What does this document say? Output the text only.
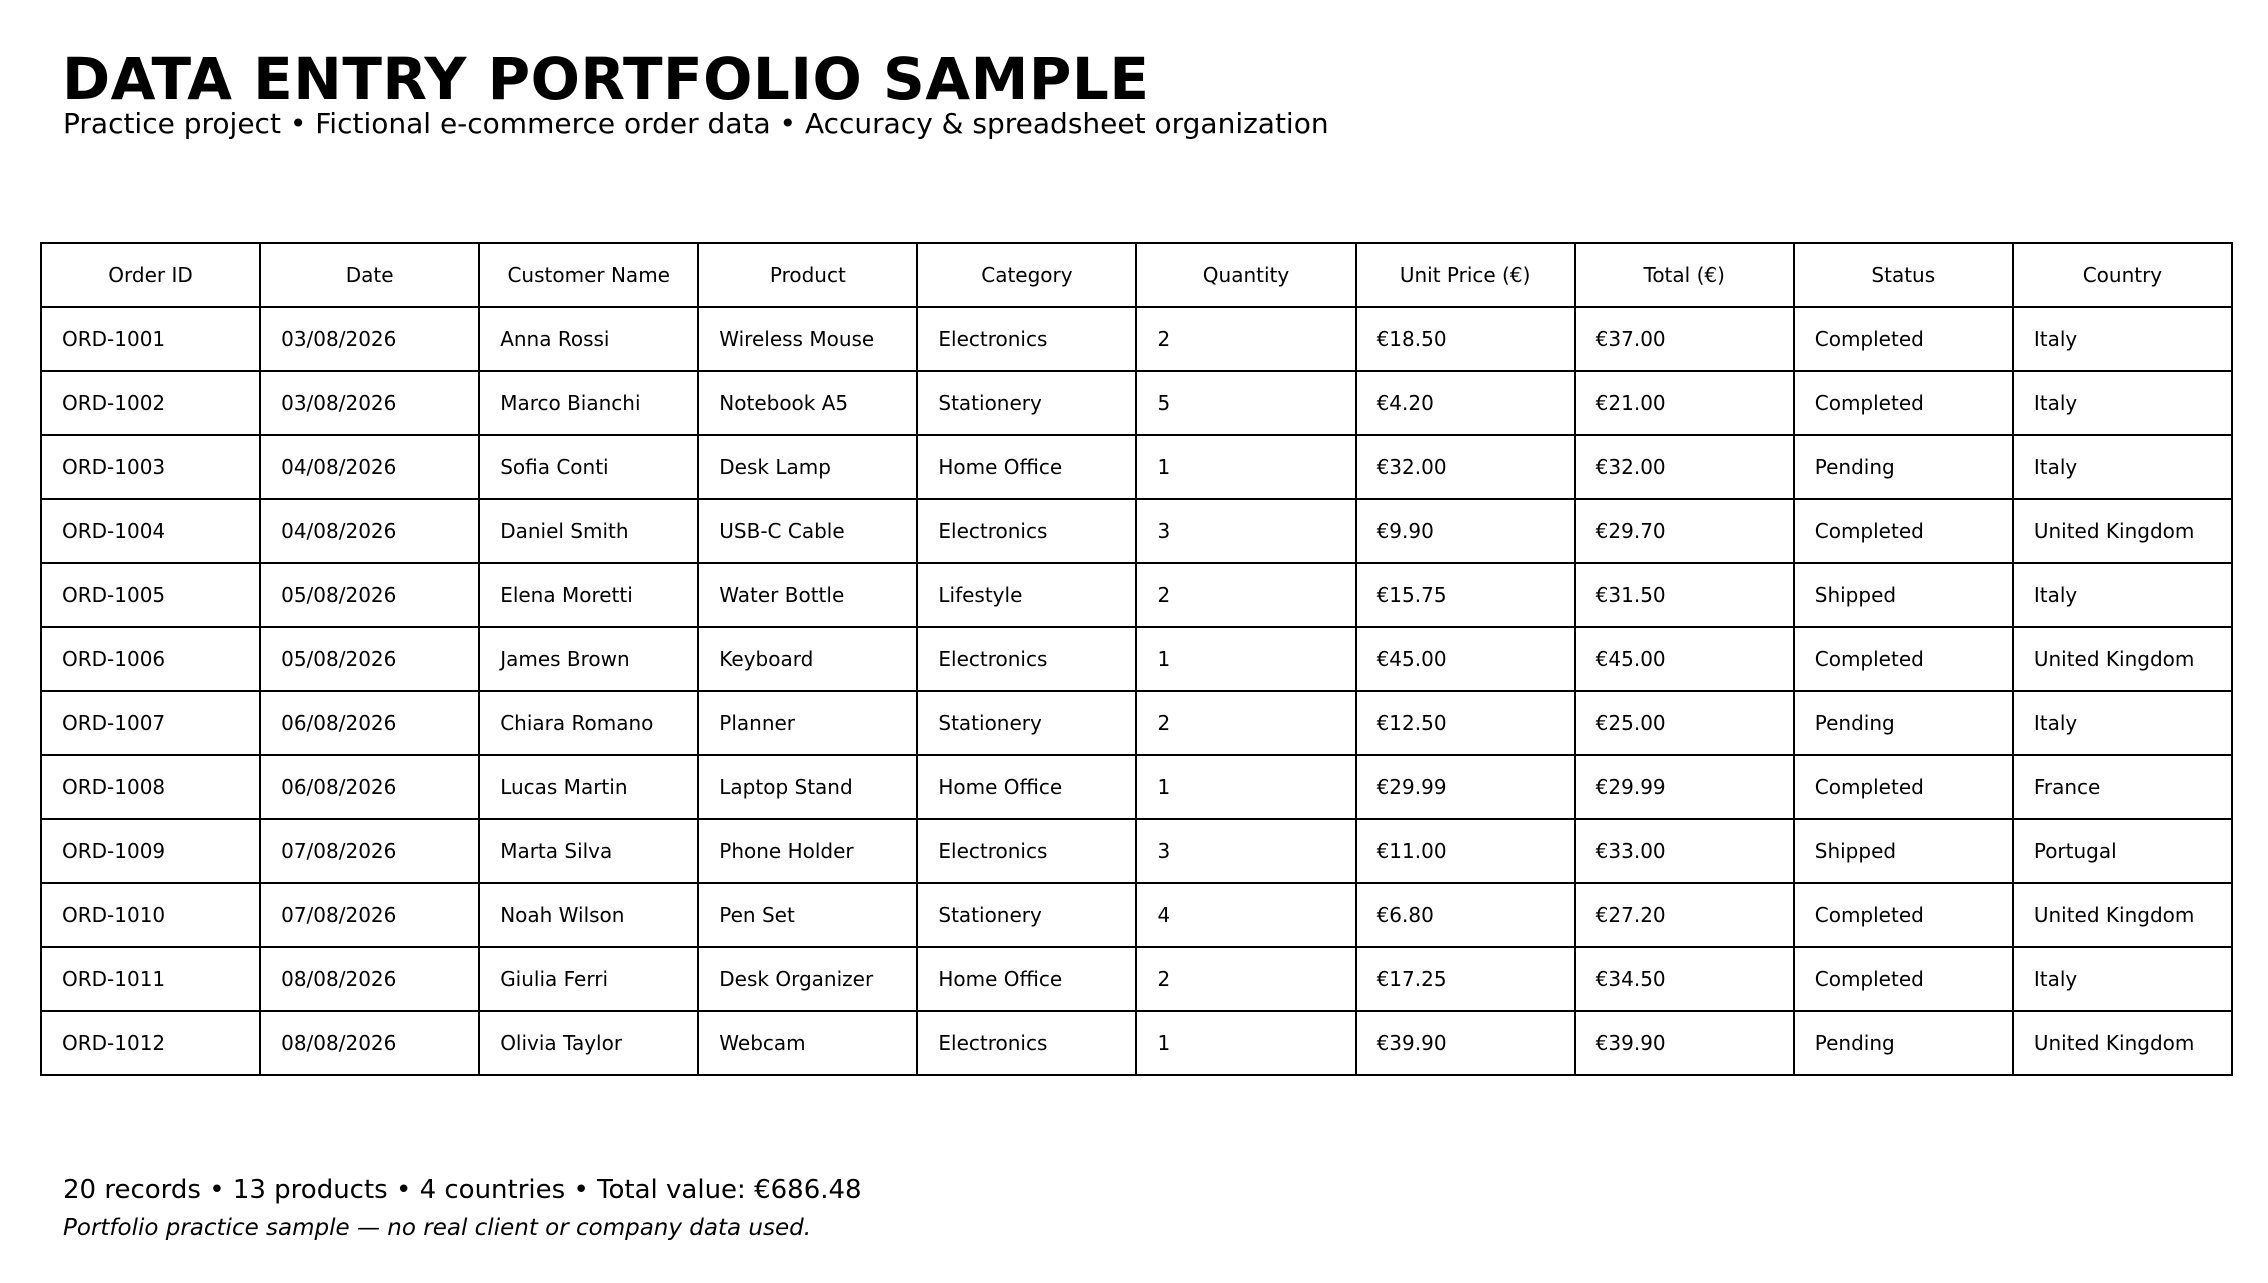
DATA ENTRY PORTFOLIO SAMPLE

Practice project • Fictional e-commerce order data • Accuracy & spreadsheet organization

Order ID	Date	Customer Name	Product	Category	Quantity	Unit Price (€)	Total (€)	Status	Country
ORD-1001	03/08/2026	Anna Rossi	Wireless Mouse	Electronics	2	€18.50	€37.00	Completed	Italy
ORD-1002	03/08/2026	Marco Bianchi	Notebook A5	Stationery	5	€4.20	€21.00	Completed	Italy
ORD-1003	04/08/2026	Sofia Conti	Desk Lamp	Home Office	1	€32.00	€32.00	Pending	Italy
ORD-1004	04/08/2026	Daniel Smith	USB-C Cable	Electronics	3	€9.90	€29.70	Completed	United Kingdom
ORD-1005	05/08/2026	Elena Moretti	Water Bottle	Lifestyle	2	€15.75	€31.50	Shipped	Italy
ORD-1006	05/08/2026	James Brown	Keyboard	Electronics	1	€45.00	€45.00	Completed	United Kingdom
ORD-1007	06/08/2026	Chiara Romano	Planner	Stationery	2	€12.50	€25.00	Pending	Italy
ORD-1008	06/08/2026	Lucas Martin	Laptop Stand	Home Office	1	€29.99	€29.99	Completed	France
ORD-1009	07/08/2026	Marta Silva	Phone Holder	Electronics	3	€11.00	€33.00	Shipped	Portugal
ORD-1010	07/08/2026	Noah Wilson	Pen Set	Stationery	4	€6.80	€27.20	Completed	United Kingdom
ORD-1011	08/08/2026	Giulia Ferri	Desk Organizer	Home Office	2	€17.25	€34.50	Completed	Italy
ORD-1012	08/08/2026	Olivia Taylor	Webcam	Electronics	1	€39.90	€39.90	Pending	United Kingdom

20 records • 13 products • 4 countries • Total value: €686.48

Portfolio practice sample — no real client or company data used.
